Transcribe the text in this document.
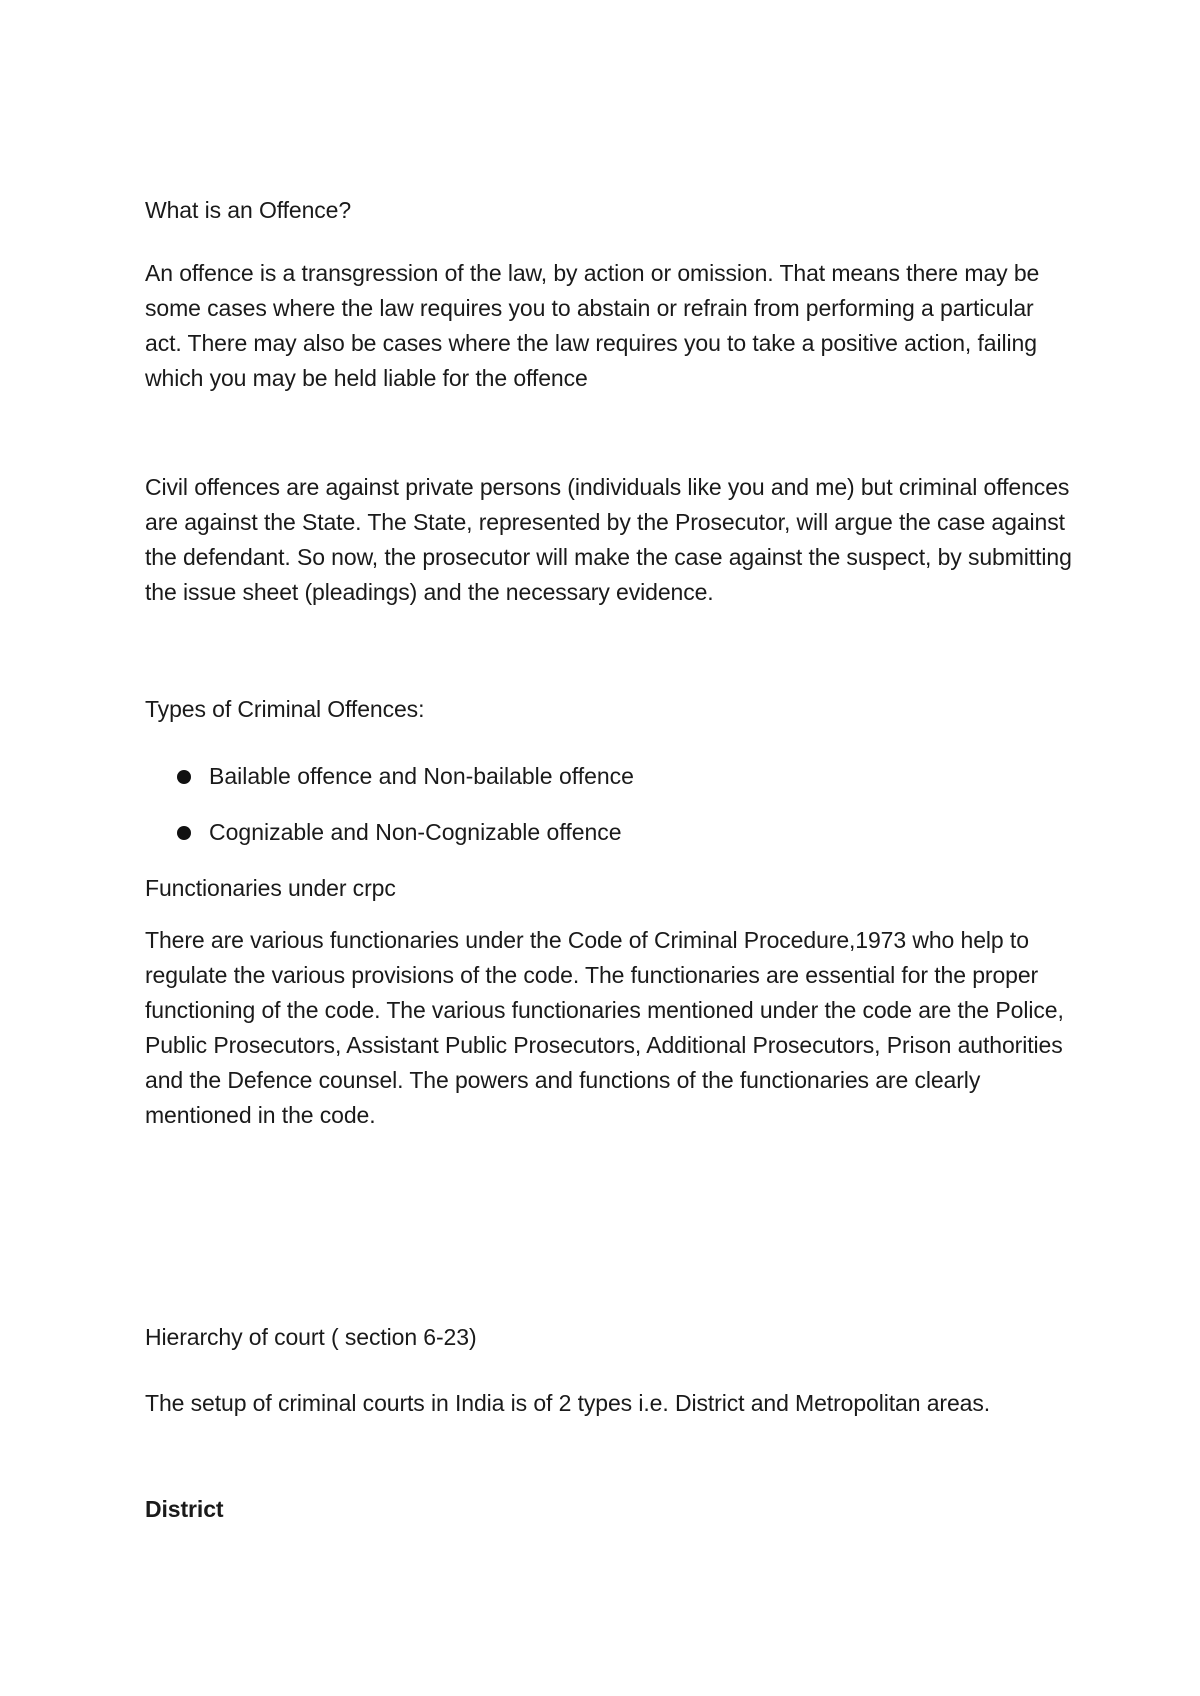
What is an Offence?

An offence is a transgression of the law, by action or omission. That means there may be some cases where the law requires you to abstain or refrain from performing a particular act. There may also be cases where the law requires you to take a positive action, failing which you may be held liable for the offence

Civil offences are against private persons (individuals like you and me) but criminal offences are against the State. The State, represented by the Prosecutor, will argue the case against the defendant. So now, the prosecutor will make the case against the suspect, by submitting the issue sheet (pleadings) and the necessary evidence.

Types of Criminal Offences:

Bailable offence and Non-bailable offence
Cognizable and Non-Cognizable offence

Functionaries under crpc

There are various functionaries under the Code of Criminal Procedure,1973 who help to regulate the various provisions of the code. The functionaries are essential for the proper functioning of the code. The various functionaries mentioned under the code are the Police, Public Prosecutors, Assistant Public Prosecutors, Additional Prosecutors, Prison authorities and the Defence counsel. The powers and functions of the functionaries are clearly mentioned in the code.

Hierarchy of court ( section 6-23)

The setup of criminal courts in India is of 2 types i.e. District and Metropolitan areas.

District
